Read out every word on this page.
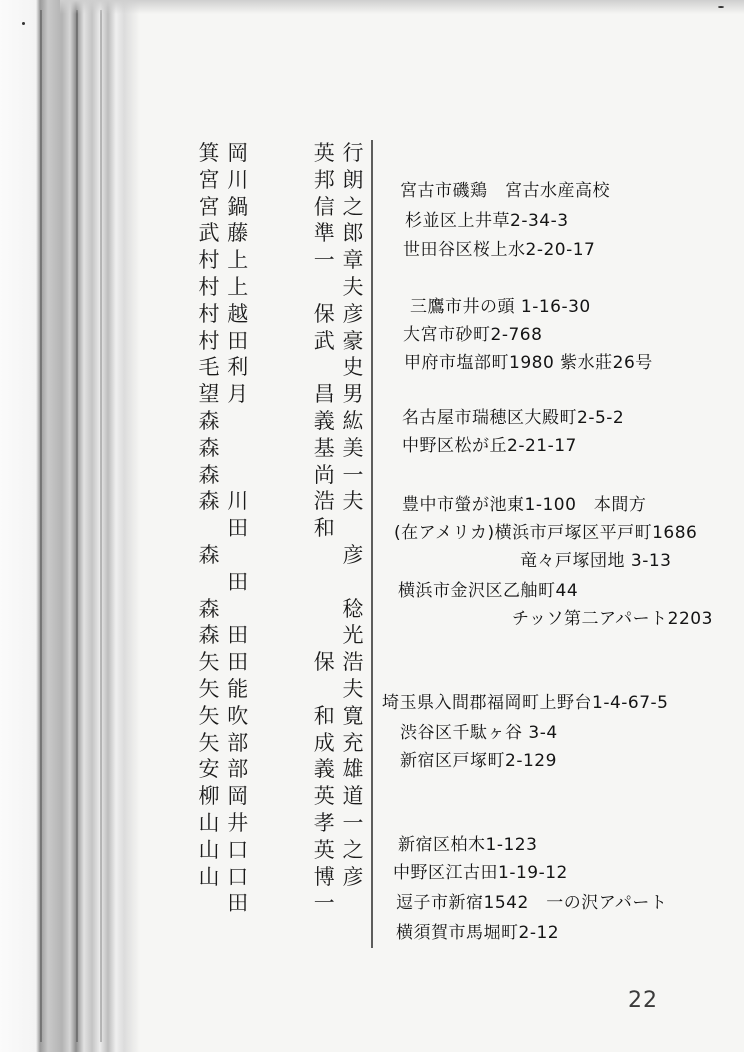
行
朗
之
郎
章
夫
彦
豪
史
男
紘
美
一
夫

彦

稔
光
浩
夫
寛
充
雄
道
一
之
彦
英
邦
信
準
一

保
武

昌
義
基
尚
浩
和

保

和
成
義
英
孝
英
博
一

岡
川
鍋
藤
上
上
越
田
利
月

川
田

田

田
田
能
吹
部
部
岡
井
口
口
田
箕
宮
宮
武
村
村
村
村
毛
望
森
森
森
森

森

森
森
矢
矢
矢
矢
安
柳
山
山
山
宮古市磯鶏　宮古水産高校
杉並区上井草2-34-3
世田谷区桜上水2-20-17
三鷹市井の頭 1-16-30
大宮市砂町2-768
甲府市塩部町1980 紫水莊26号
名古屋市瑞穂区大殿町2-5-2
中野区松が丘2-21-17
豊中市螢が池東1-100　本間方
(在アメリカ)横浜市戸塚区平戸町1686
竜々戸塚団地 3-13
横浜市金沢区乙舳町44
チッソ第二アパート2203
埼玉県入間郡福岡町上野台1-4-67-5
渋谷区千駄ヶ谷 3-4
新宿区戸塚町2-129
新宿区柏木1-123
中野区江古田1-19-12
逗子市新宿1542　一の沢アパート
横須賀市馬堀町2-12
22
